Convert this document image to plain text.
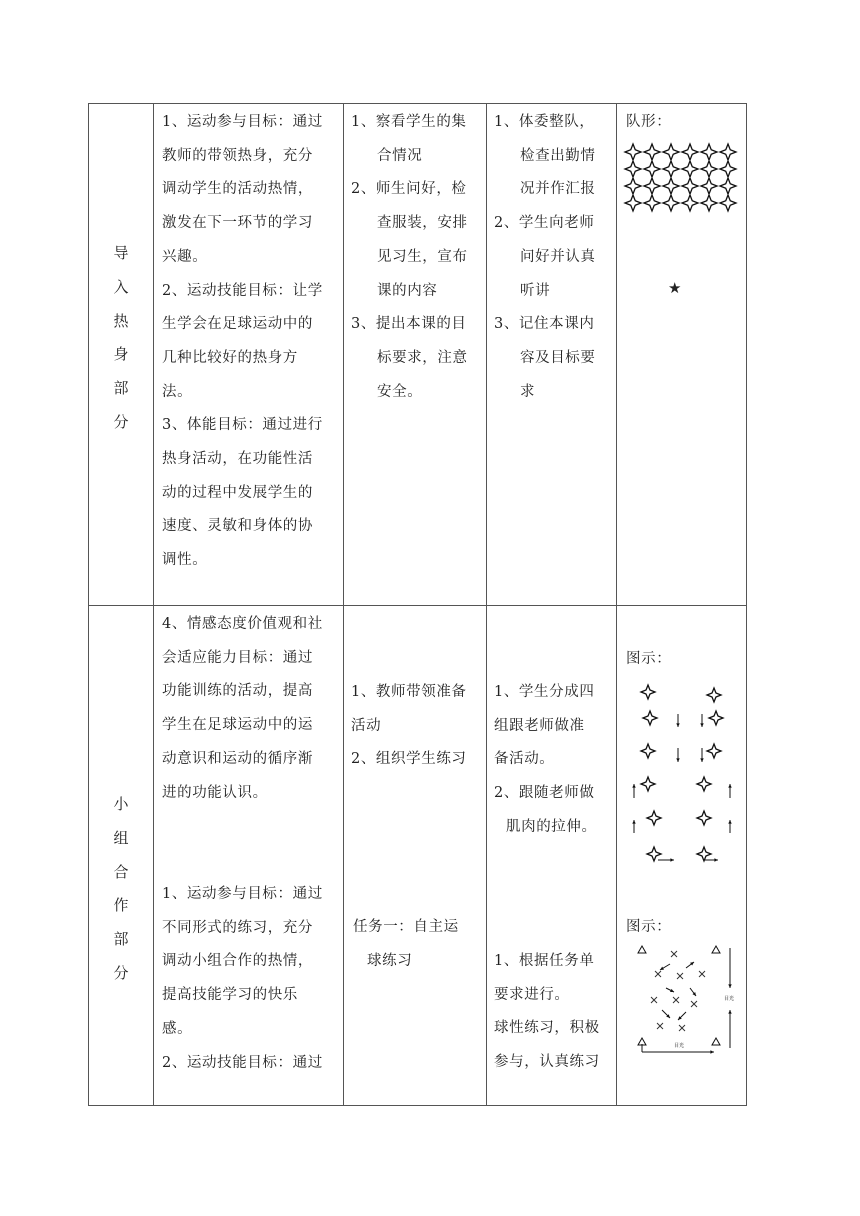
导
入
热
身
部
分
1、运动参与目标：通过
教师的带领热身，充分
调动学生的活动热情，
激发在下一环节的学习
兴趣。
2、运动技能目标：让学
生学会在足球运动中的
几种比较好的热身方
法。
3、体能目标：通过进行
热身活动，在功能性活
动的过程中发展学生的
速度、灵敏和身体的协
调性。
1、察看学生的集
合情况
2、师生问好，检
查服装，安排
见习生，宣布
课的内容
3、提出本课的目
标要求，注意
安全。
1、体委整队，
检查出勤情
况并作汇报
2、学生向老师
问好并认真
听讲
3、记住本课内
容及目标要
求
队形：
★
小
组
合
作
部
分
4、情感态度价值观和社
会适应能力目标：通过
功能训练的活动，提高
学生在足球运动中的运
动意识和运动的循序渐
进的功能认识。
1、运动参与目标：通过
不同形式的练习，充分
调动小组合作的热情，
提高技能学习的快乐
感。
2、运动技能目标：通过
1、教师带领准备
活动
2、组织学生练习
任务一：自主运
球练习
1、学生分成四
组跟老师做准
备活动。
2、跟随老师做
肌肉的拉伸。
1、根据任务单
要求进行。
球性练习，积极
参与，认真练习
图示：
图示：
目光
目光
